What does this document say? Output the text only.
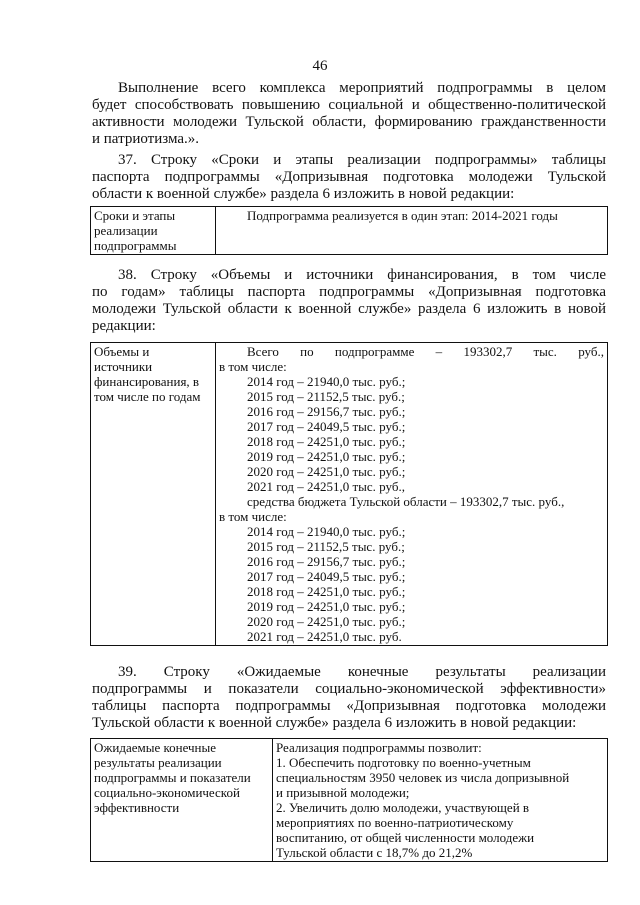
46
Выполнение всего комплекса мероприятий подпрограммы в целом
будет способствовать повышению социальной и общественно-политической
активности молодежи Тульской области, формированию гражданственности
и патриотизма.».
37. Строку «Сроки и этапы реализации подпрограммы» таблицы
паспорта подпрограммы «Допризывная подготовка молодежи Тульской
области к военной службе» раздела 6 изложить в новой редакции:
Сроки и этапы
реализации
подпрограммы

Подпрограмма реализуется в один этап: 2014-2021 годы
38. Строку «Объемы и источники финансирования, в том числе
по годам» таблицы паспорта подпрограммы «Допризывная подготовка
молодежи Тульской области к военной службе» раздела 6 изложить в новой
редакции:
Объемы и
источники
финансирования, в
том числе по годам

Всего по подпрограмме – 193302,7 тыс. руб.,
в том числе:
2014 год – 21940,0 тыс. руб.;
2015 год – 21152,5 тыс. руб.;
2016 год – 29156,7 тыс. руб.;
2017 год – 24049,5 тыс. руб.;
2018 год – 24251,0 тыс. руб.;
2019 год – 24251,0 тыс. руб.;
2020 год – 24251,0 тыс. руб.;
2021 год – 24251,0 тыс. руб.,
средства бюджета Тульской области – 193302,7 тыс. руб.,
в том числе:
2014 год – 21940,0 тыс. руб.;
2015 год – 21152,5 тыс. руб.;
2016 год – 29156,7 тыс. руб.;
2017 год – 24049,5 тыс. руб.;
2018 год – 24251,0 тыс. руб.;
2019 год – 24251,0 тыс. руб.;
2020 год – 24251,0 тыс. руб.;
2021 год – 24251,0 тыс. руб.
39. Строку «Ожидаемые конечные результаты реализации
подпрограммы и показатели социально-экономической эффективности»
таблицы паспорта подпрограммы «Допризывная подготовка молодежи
Тульской области к военной службе» раздела 6 изложить в новой редакции:
Ожидаемые конечные
результаты реализации
подпрограммы и показатели
социально-экономической
эффективности

Реализация подпрограммы позволит:
1. Обеспечить подготовку по военно-учетным
специальностям 3950 человек из числа допризывной
и призывной молодежи;
2. Увеличить долю молодежи, участвующей в
мероприятиях по военно-патриотическому
воспитанию, от общей численности молодежи
Тульской области с 18,7% до 21,2%
